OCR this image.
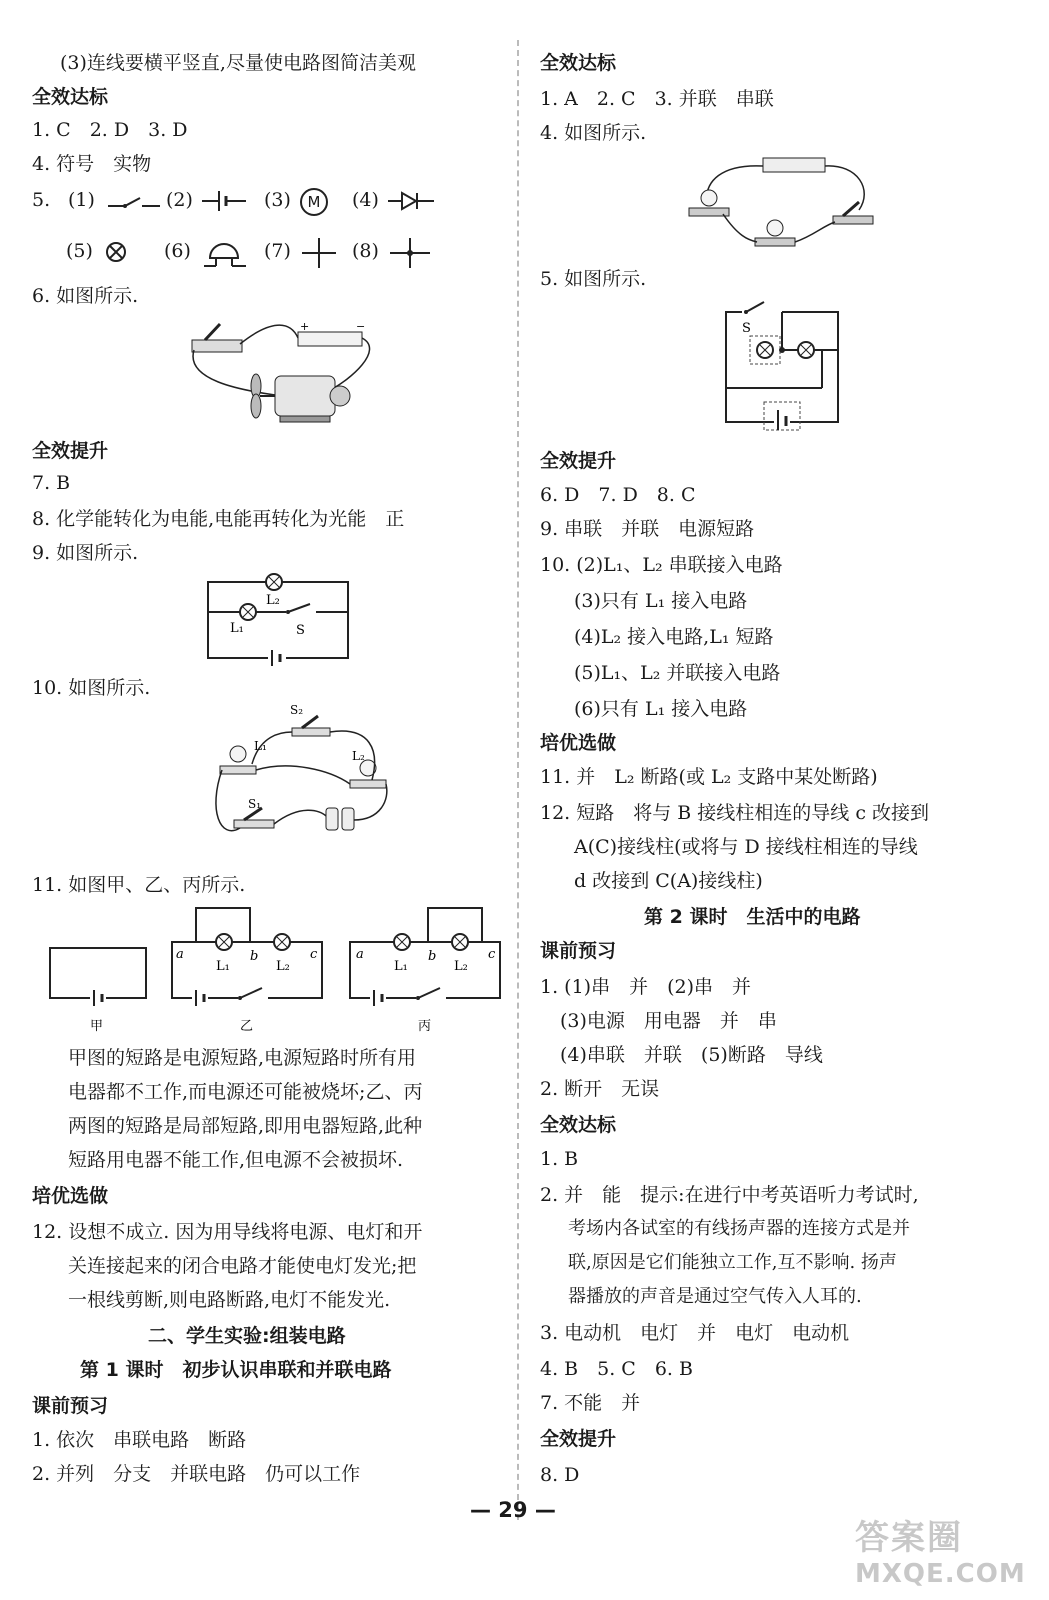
(3)连线要横平竖直,尽量使电路图简洁美观
全效达标
1. C　2. D　3. D
4. 符号　实物
5. (1)	(2)	(3)	M	(4)
(5)	(6)	(7)	(8)
6. 如图所示.
+	−
全效提升
7. B
8. 化学能转化为电能,电能再转化为光能　正
9. 如图所示.
L₂
L₁	S
10. 如图所示.
S₂
L₁
L₂
S₁
11. 如图甲、乙、丙所示.
甲
a	b	c
L₁	L₂
乙
a	b	c
L₁	L₂
丙
甲图的短路是电源短路,电源短路时所有用
电器都不工作,而电源还可能被烧坏;乙、丙
两图的短路是局部短路,即用电器短路,此种
短路用电器不能工作,但电源不会被损坏.
培优选做
12. 设想不成立. 因为用导线将电源、电灯和开
关连接起来的闭合电路才能使电灯发光;把
一根线剪断,则电路断路,电灯不能发光.
二、学生实验:组装电路
第 1 课时　初步认识串联和并联电路
课前预习
1. 依次　串联电路　断路
2. 并列　分支　并联电路　仍可以工作
全效达标
1. A　2. C　3. 并联　串联
4. 如图所示.
5. 如图所示.
S
全效提升
6. D　7. D　8. C
9. 串联　并联　电源短路
10. (2)L₁、L₂ 串联接入电路
(3)只有 L₁ 接入电路
(4)L₂ 接入电路,L₁ 短路
(5)L₁、L₂ 并联接入电路
(6)只有 L₁ 接入电路
培优选做
11. 并　L₂ 断路(或 L₂ 支路中某处断路)
12. 短路　将与 B 接线柱相连的导线 c 改接到
A(C)接线柱(或将与 D 接线柱相连的导线
d 改接到 C(A)接线柱)
第 2 课时　生活中的电路
课前预习
1. (1)串　并　(2)串　并
(3)电源　用电器　并　串
(4)串联　并联　(5)断路　导线
2. 断开　无误
全效达标
1. B
2. 并　能　提示:在进行中考英语听力考试时,
考场内各试室的有线扬声器的连接方式是并
联,原因是它们能独立工作,互不影响. 扬声
器播放的声音是通过空气传入人耳的.
3. 电动机　电灯　并　电灯　电动机
4. B　5. C　6. B
7. 不能　并
全效提升
8. D
— 29 —
答案圈
MXQE.COM
